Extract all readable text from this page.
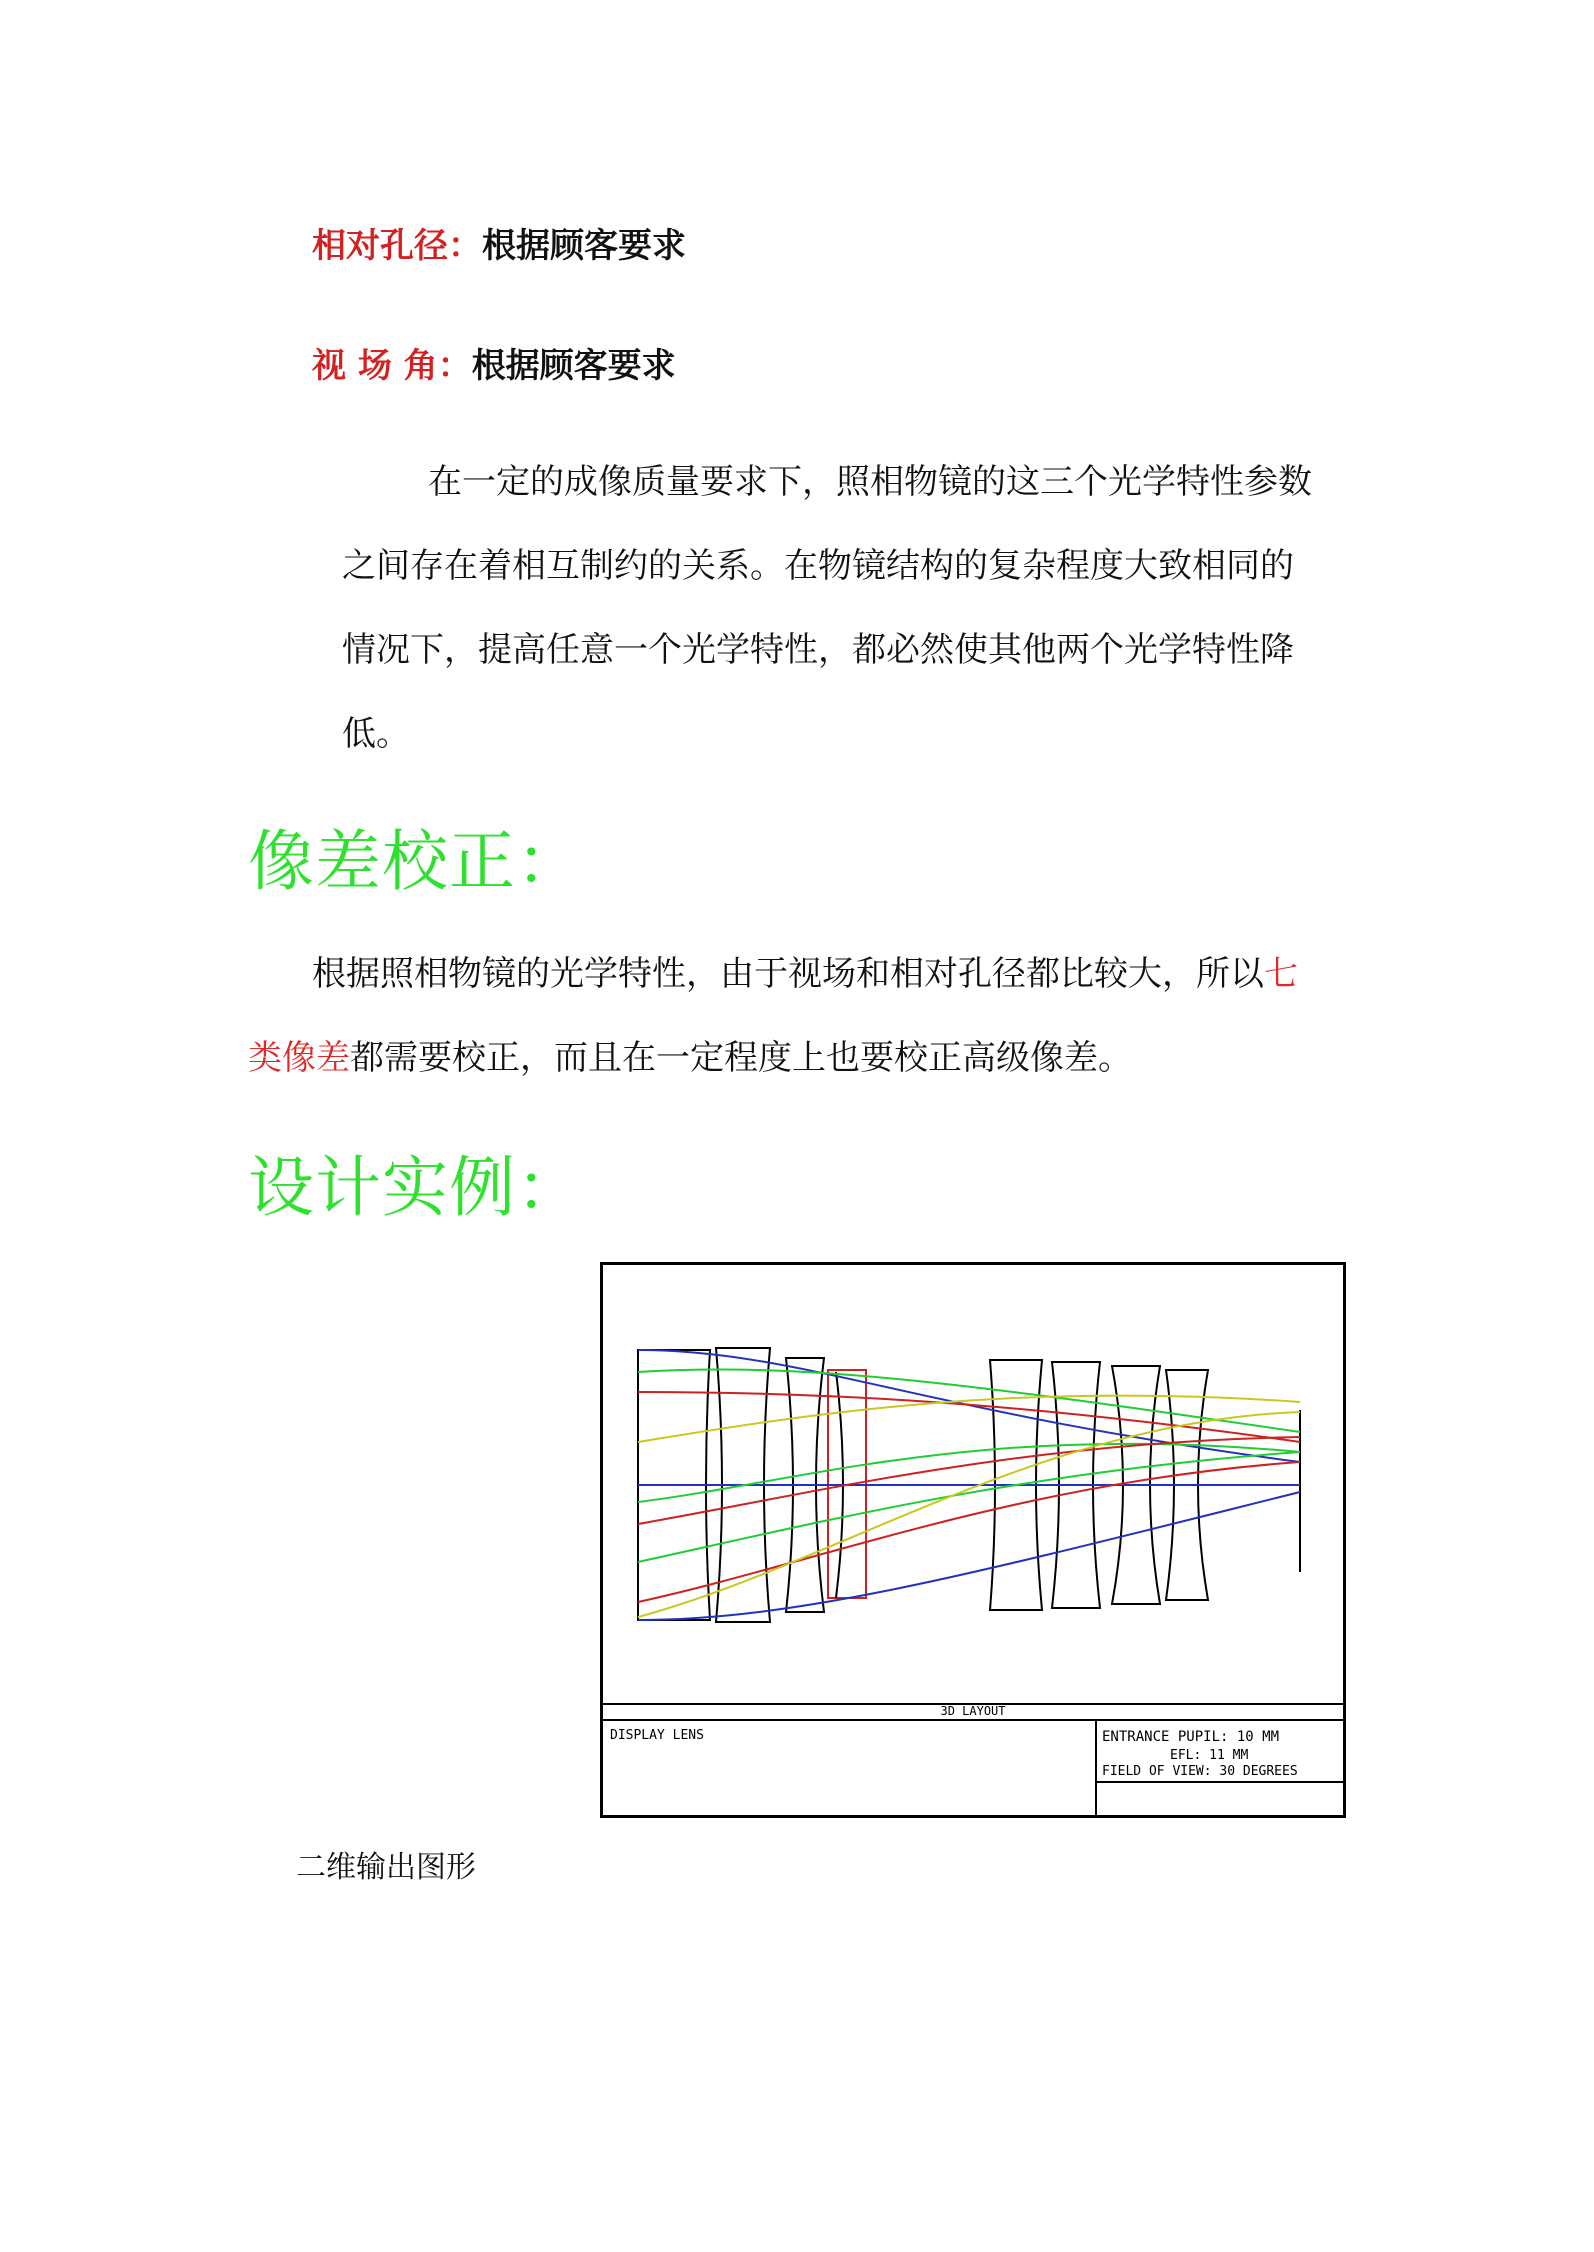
相对孔径：根据顾客要求
视 场 角：根据顾客要求
在一定的成像质量要求下，照相物镜的这三个光学特性参数
之间存在着相互制约的关系。在物镜结构的复杂程度大致相同的
情况下，提高任意一个光学特性，都必然使其他两个光学特性降
低。
像差校正：
根据照相物镜的光学特性，由于视场和相对孔径都比较大，所以七
类像差都需要校正，而且在一定程度上也要校正高级像差。
设计实例：
3D LAYOUT
DISPLAY LENS	ENTRANCE PUPIL: 10 MM
EFL: 11 MM
FIELD OF VIEW: 30 DEGREES
二维输出图形
